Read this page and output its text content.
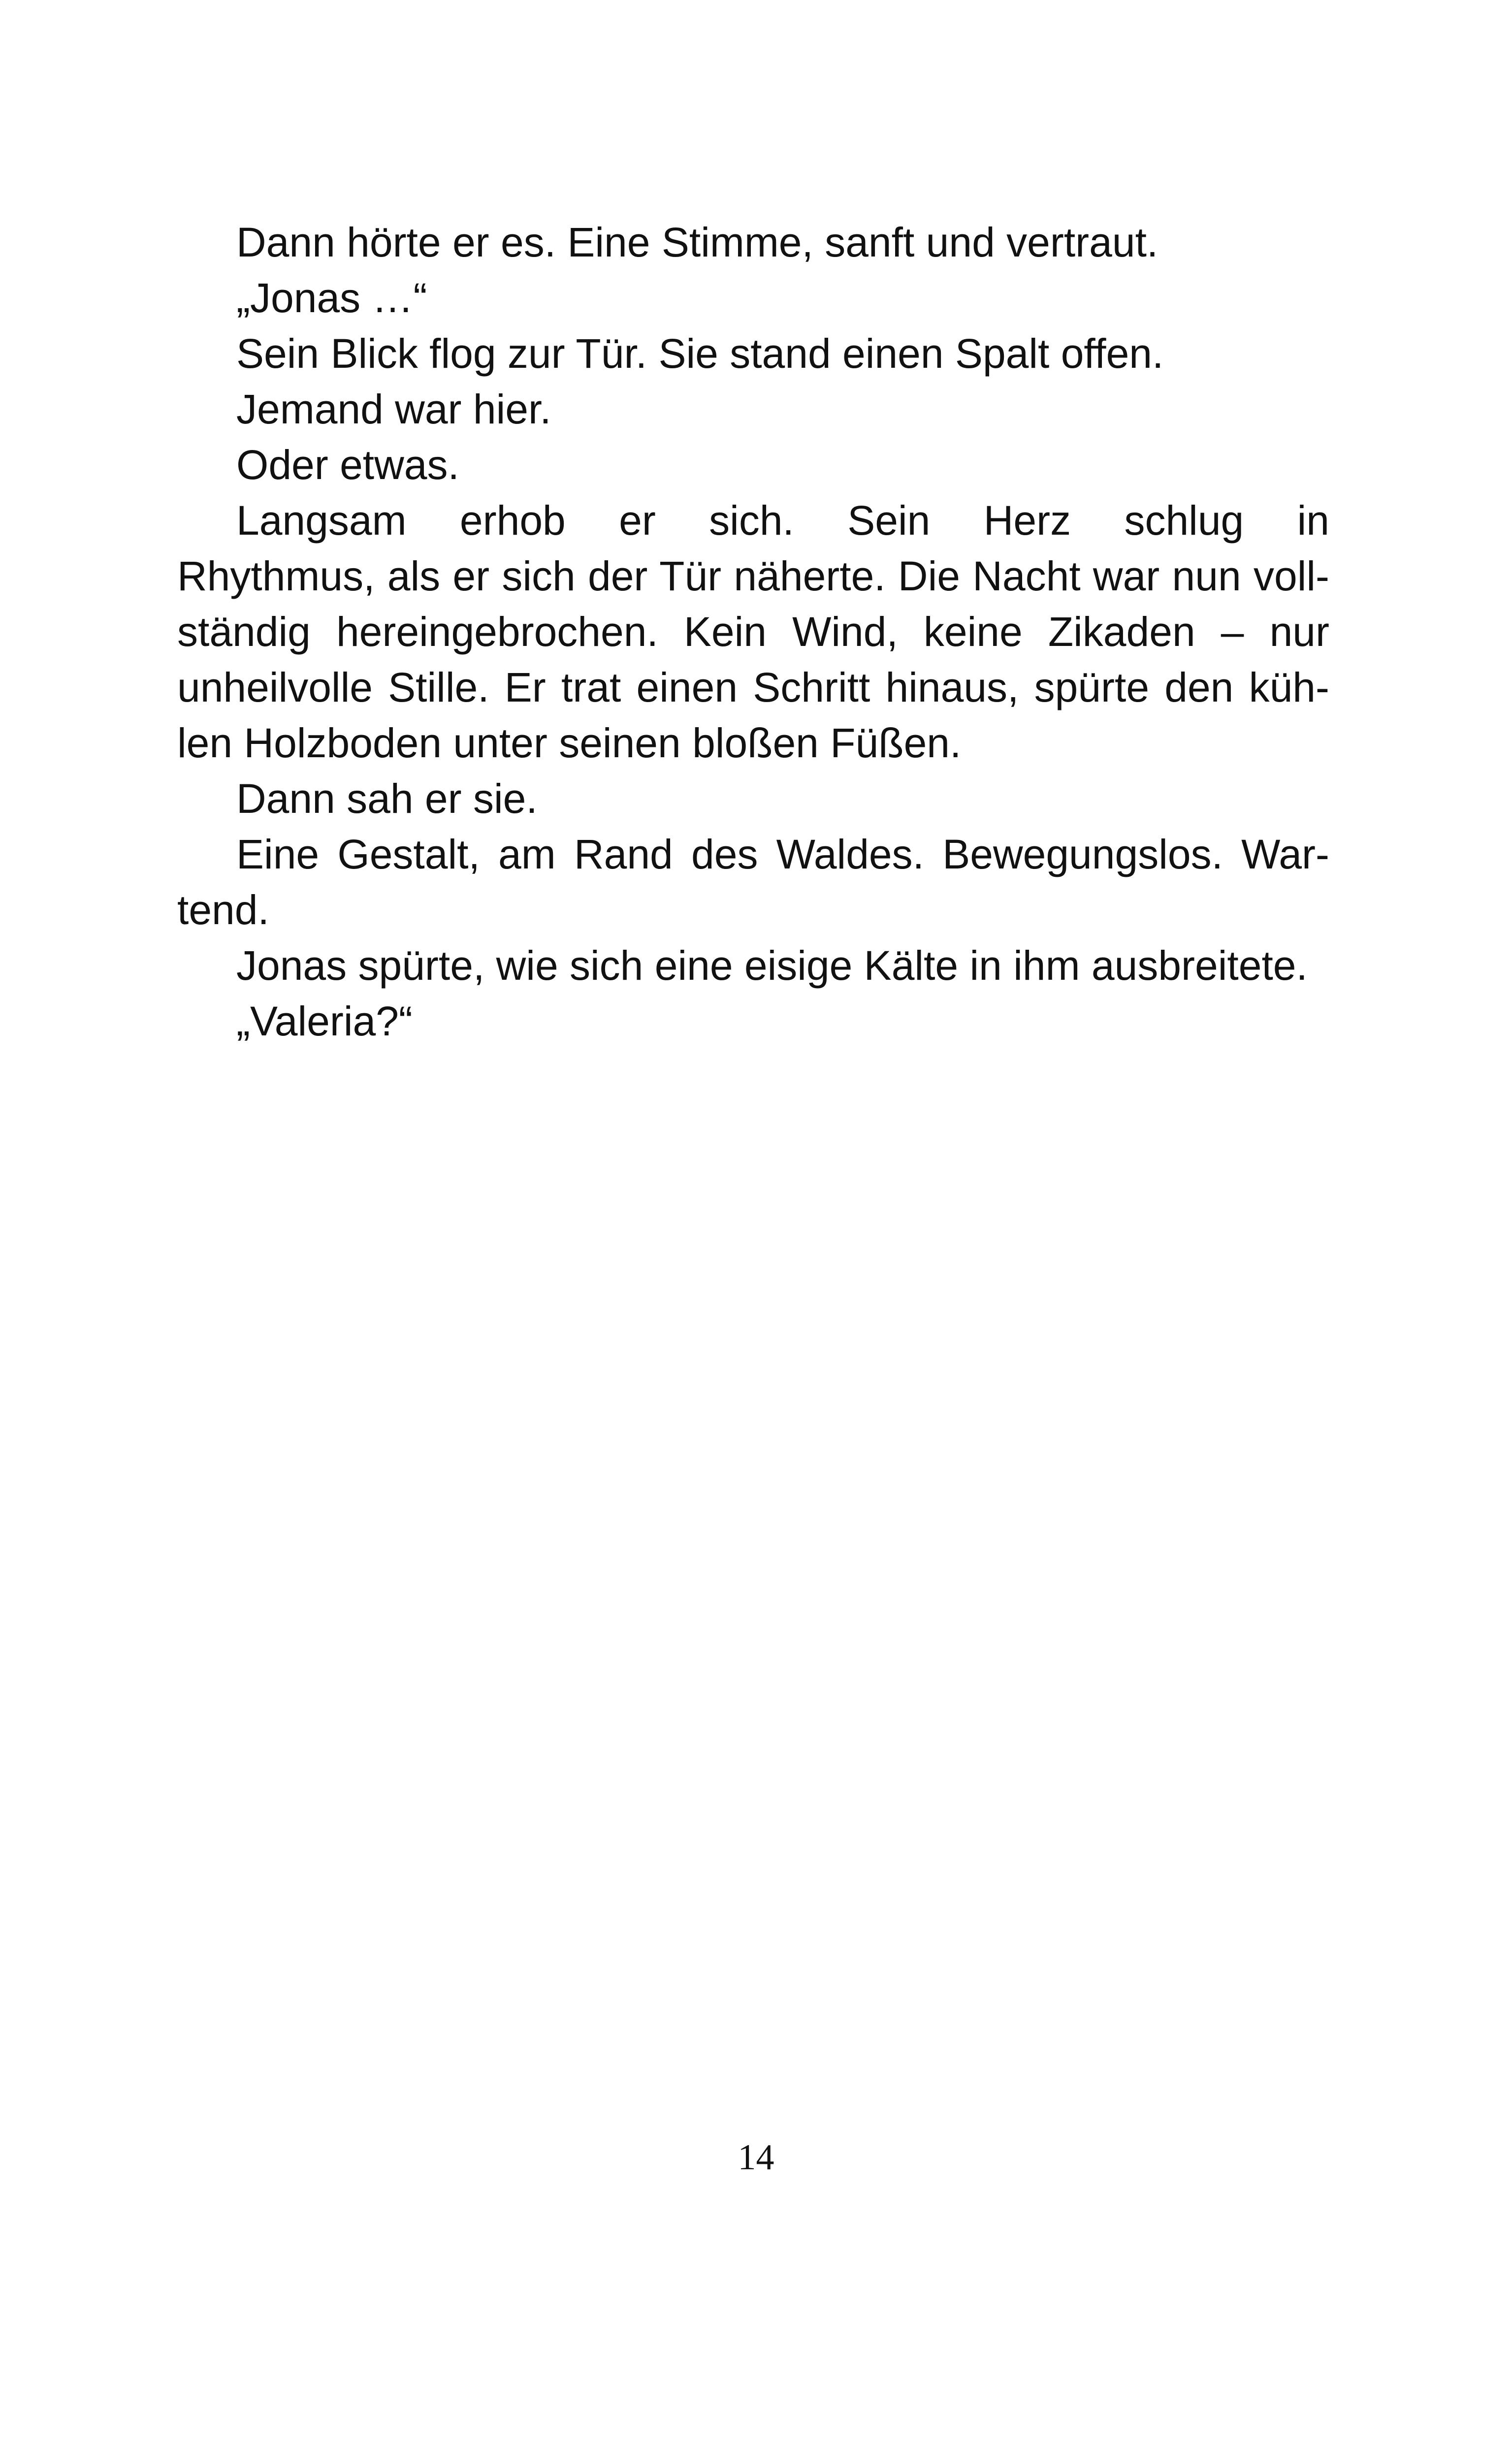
Dann hörte er es. Eine Stimme, sanft und vertraut.
„Jonas …“
Sein Blick flog zur Tür. Sie stand einen Spalt offen.
Jemand war hier.
Oder etwas.
Langsam erhob er sich. Sein Herz schlug in
Rhythmus, als er sich der Tür näherte. Die Nacht war nun voll-
ständig hereingebrochen. Kein Wind, keine Zikaden – nur
unheilvolle Stille. Er trat einen Schritt hinaus, spürte den küh-
len Holzboden unter seinen bloßen Füßen.
Dann sah er sie.
Eine Gestalt, am Rand des Waldes. Bewegungslos. War-
tend.
Jonas spürte, wie sich eine eisige Kälte in ihm ausbreitete.
„Valeria?“
14
